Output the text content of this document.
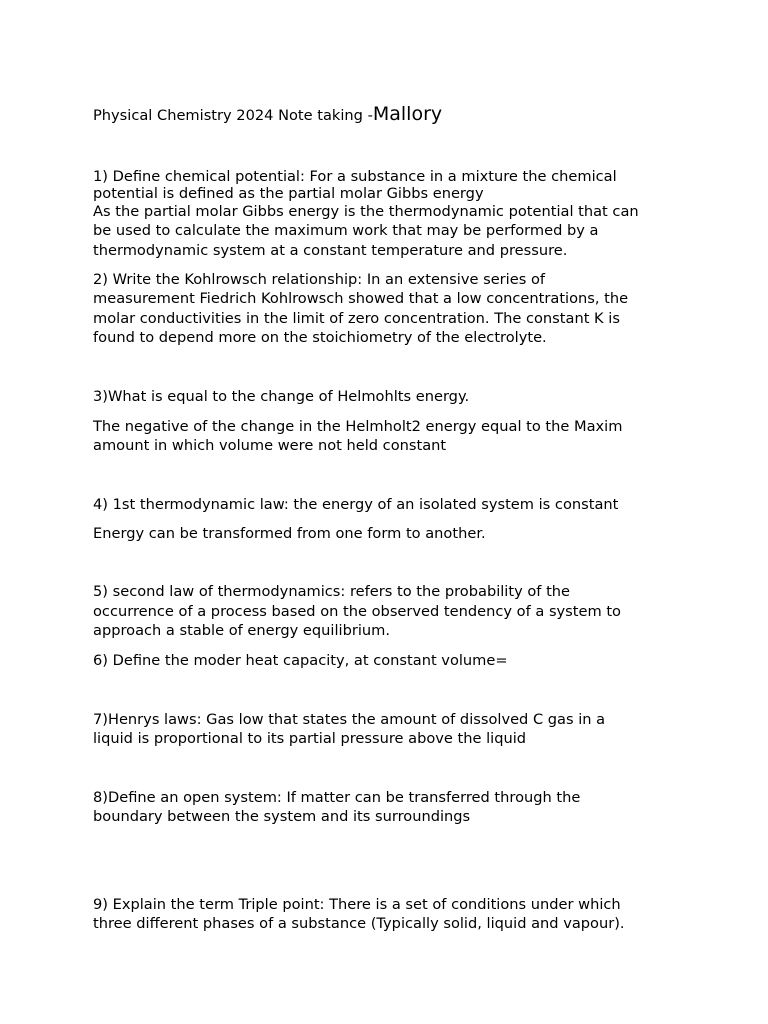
Physical Chemistry 2024 Note taking -Mallory
1) Define chemical potential: For a substance in a mixture the chemical
potential is defined as the partial molar Gibbs energy
As the partial molar Gibbs energy is the thermodynamic potential that can
be used to calculate the maximum work that may be performed by a
thermodynamic system at a constant temperature and pressure.
2) Write the Kohlrowsch relationship: In an extensive series of
measurement Fiedrich Kohlrowsch showed that a low concentrations, the
molar conductivities in the limit of zero concentration. The constant K is
found to depend more on the stoichiometry of the electrolyte.
3)What is equal to the change of Helmohlts energy.
The negative of the change in the Helmholt2 energy equal to the Maxim
amount in which volume were not held constant
4) 1st thermodynamic law: the energy of an isolated system is constant
Energy can be transformed from one form to another.
5) second law of thermodynamics: refers to the probability of the
occurrence of a process based on the observed tendency of a system to
approach a stable of energy equilibrium.
6) Define the moder heat capacity, at constant volume=
7)Henrys laws: Gas low that states the amount of dissolved C gas in a
liquid is proportional to its partial pressure above the liquid
8)Define an open system: If matter can be transferred through the
boundary between the system and its surroundings
9) Explain the term Triple point: There is a set of conditions under which
three different phases of a substance (Typically solid, liquid and vapour).
